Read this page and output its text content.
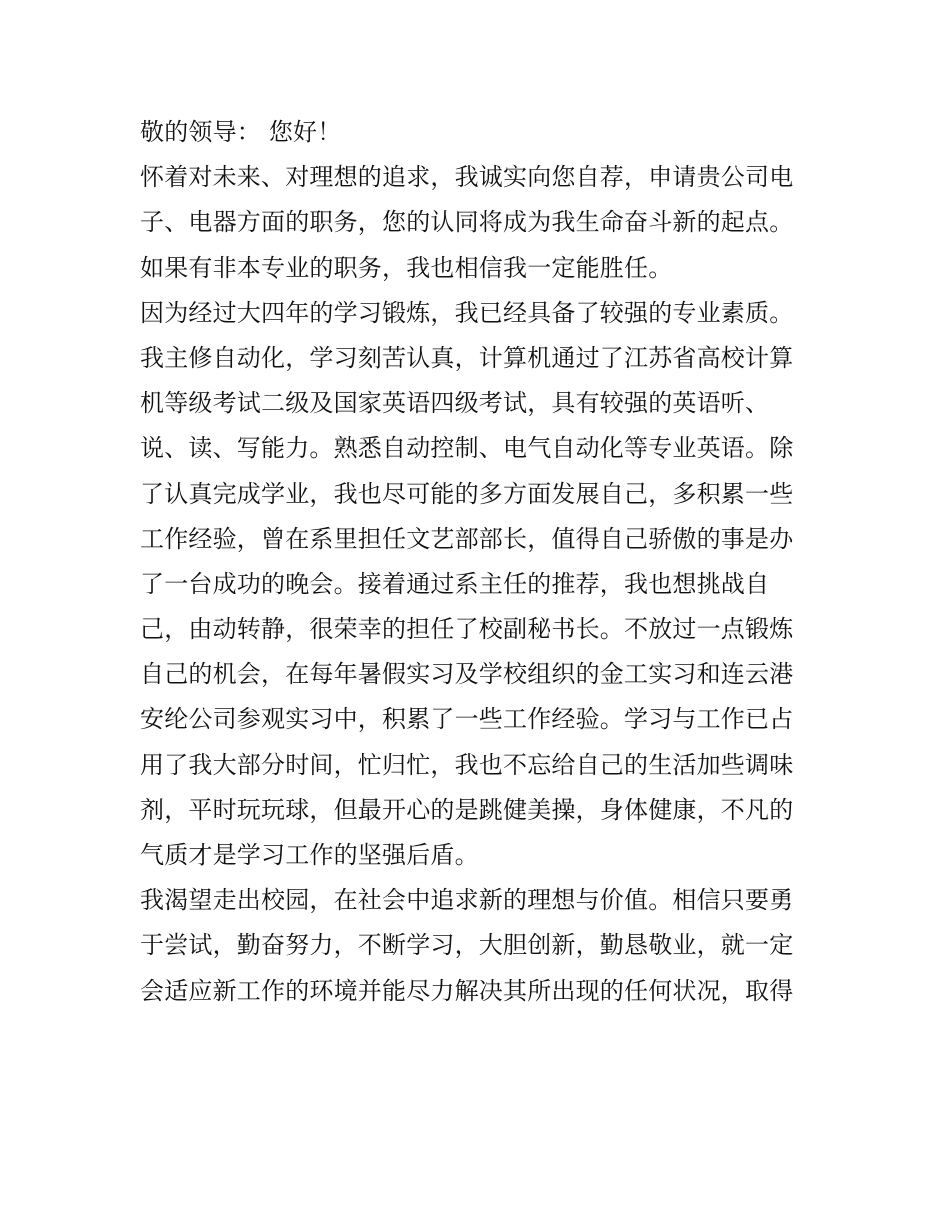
敬的领导： 您好！
怀着对未来、对理想的追求，我诚实向您自荐，申请贵公司电
子、电器方面的职务，您的认同将成为我生命奋斗新的起点。
如果有非本专业的职务，我也相信我一定能胜任。
因为经过大四年的学习锻炼，我已经具备了较强的专业素质。
我主修自动化，学习刻苦认真，计算机通过了江苏省高校计算
机等级考试二级及国家英语四级考试，具有较强的英语听、
说、读、写能力。熟悉自动控制、电气自动化等专业英语。除
了认真完成学业，我也尽可能的多方面发展自己，多积累一些
工作经验，曾在系里担任文艺部部长，值得自己骄傲的事是办
了一台成功的晚会。接着通过系主任的推荐，我也想挑战自
己，由动转静，很荣幸的担任了校副秘书长。不放过一点锻炼
自己的机会，在每年暑假实习及学校组织的金工实习和连云港
安纶公司参观实习中，积累了一些工作经验。学习与工作已占
用了我大部分时间，忙归忙，我也不忘给自己的生活加些调味
剂，平时玩玩球，但最开心的是跳健美操，身体健康，不凡的
气质才是学习工作的坚强后盾。
我渴望走出校园，在社会中追求新的理想与价值。相信只要勇
于尝试，勤奋努力，不断学习，大胆创新，勤恳敬业，就一定
会适应新工作的环境并能尽力解决其所出现的任何状况，取得
